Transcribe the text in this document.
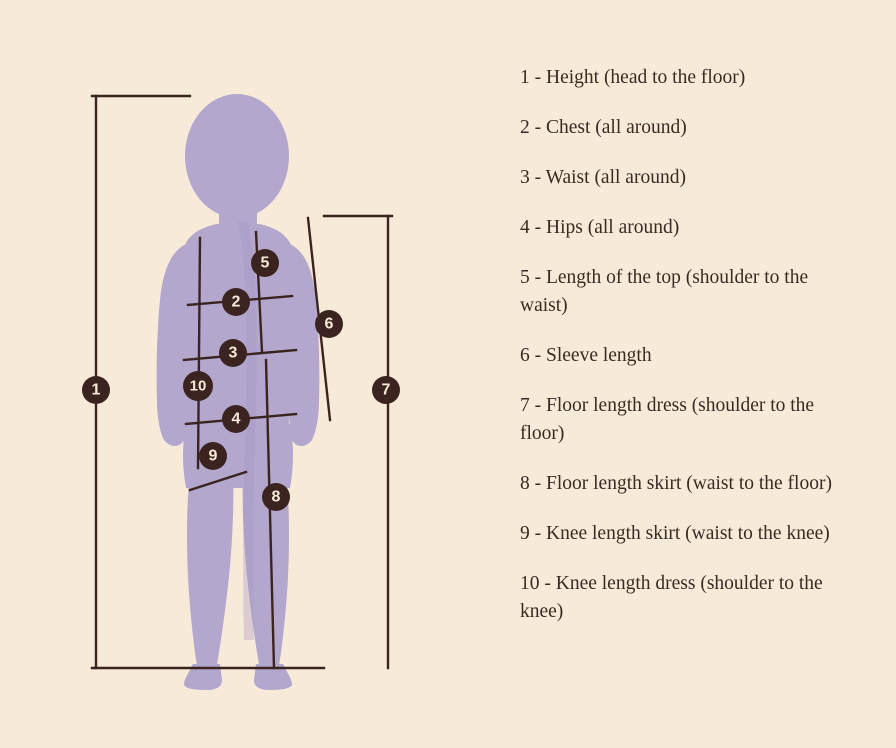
1
2
3
4
5
6
7
8
9
10
1 - Height (head to the floor)
2 - Chest (all around)
3 - Waist (all around)
4 - Hips (all around)
5 - Length of the top (shoulder to the waist)
6 - Sleeve length
7 - Floor length dress (shoulder to the floor)
8 - Floor length skirt (waist to the floor)
9 - Knee length skirt (waist to the knee)
10 - Knee length dress (shoulder to the knee)
